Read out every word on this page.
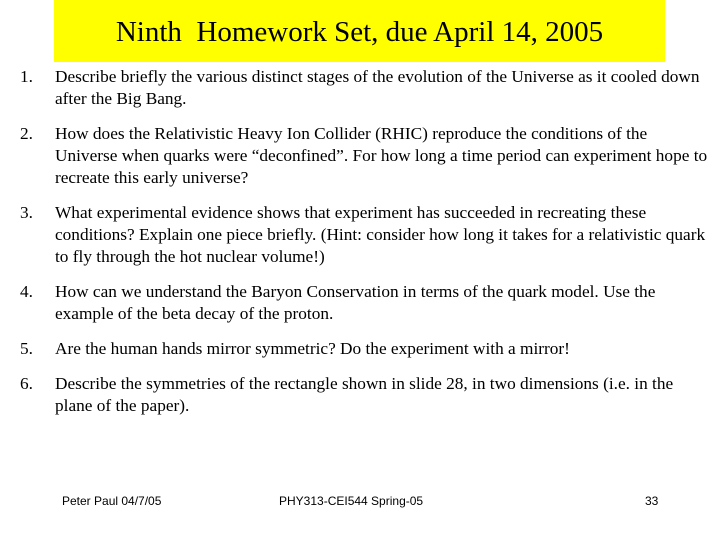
Ninth  Homework Set, due April 14, 2005
1.	Describe briefly the various distinct stages of the evolution of the Universe as it cooled down after the Big Bang.
2.	How does the Relativistic Heavy Ion Collider (RHIC) reproduce the conditions of the Universe when quarks were “deconfined”. For how long a time period can experiment hope to recreate this early universe?
3.	What experimental evidence shows that experiment has succeeded in recreating these conditions? Explain one piece briefly. (Hint: consider how long it takes for a relativistic quark to fly through the hot nuclear volume!)
4.	How can we understand the Baryon Conservation in terms of the quark model. Use the example of the beta decay of the proton.
5.	Are the human hands mirror symmetric? Do the experiment with a mirror!
6.	Describe the symmetries of the rectangle shown in slide 28, in two dimensions (i.e. in the plane of the paper).
Peter Paul 04/7/05	PHY313-CEI544 Spring-05	33
